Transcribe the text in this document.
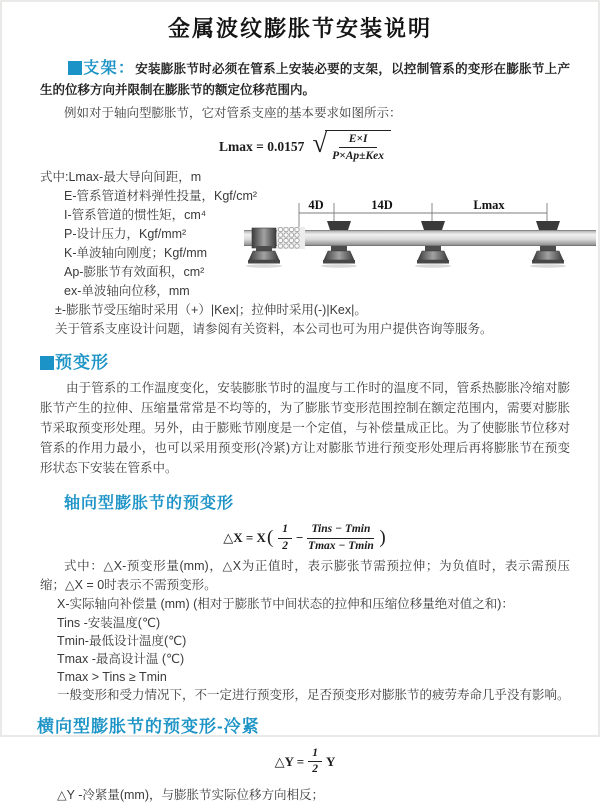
金属波纹膨胀节安装说明

支架：安装膨胀节时必须在管系上安装必要的支架，以控制管系的变形在膨胀节上产生的位移方向并限制在膨胀节的额定位移范围内。

例如对于轴向型膨胀节，它对管系支座的基本要求如图所示：

Lmax = 0.0157 √
$\frac{E\times I}{\text{P×Ap±Kex}}$
式中:Lmax-最大导向间距，m
E-管系管道材料弹性投量，Kgf/cm²
I-管系管道的惯性矩，cm⁴
P-设计压力，Kgf/mm²
K-单波轴向刚度；Kgf/mm
Ap-膨胀节有效面积，cm²
ex-单波轴向位移，mm
±-膨胀节受压缩时采用（+）|Kex|；拉伸时采用(-)|Kex|。
关于管系支座设计问题，请参阅有关资料，本公司也可为用户提供咨询等服务。
预变形

由于管系的工作温度变化，安装膨胀节时的温度与工作时的温度不同，管系热膨胀冷缩对膨胀节产生的拉伸、压缩量常常是不均等的，为了膨胀节变形范围控制在额定范围内，需要对膨胀节采取预变形处理。另外，由于膨账节刚度是一个定值，与补偿量成正比。为了使膨胀节位移对管系的作用力最小，也可以采用预变形(冷紧)方让对膨胀节进行预变形处理后再将膨胀节在预变形状态下安装在管系中。

轴向型膨胀节的预变形
△X = X ( $\frac{1}{2} - \frac{\text{Tins − Tmin}}{Tmax - Tmin}$ )

式中：△X-预变形量(mm)，△X为正值时，表示膨张节需预拉伸；为负值时，表示需预压缩；△X = 0时表示不需预变形。

X-实际轴向补偿量 (mm) (相对于膨胀节中间状态的拉伸和压缩位移量绝对值之和)：
Tins -安装温度(℃)
Tmin-最低设计温度(℃)
Tmax -最高设计温 (℃)
Tmax > Tins ≥ Tmin
一般变形和受力情况下，不一定进行预变形，足否预变形对膨胀节的疲劳寿命几乎没有影响。
横向型膨胀节的预变形-冷紧
△Y = $\frac{1}{2}$ Y
△Y -冷紧量(mm)，与膨胀节实际位移方向相反；
4D	14D	Lmax
